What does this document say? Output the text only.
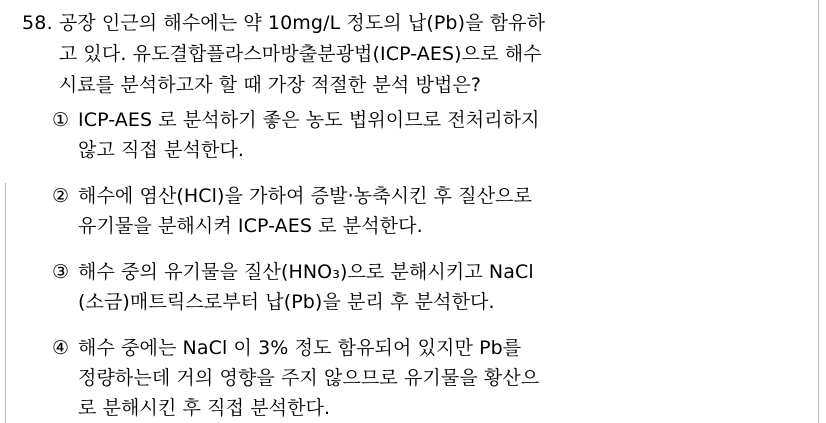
58. 공장 인근의 해수에는 약 10mg/L 정도의 납(Pb)을 함유하
고 있다. 유도결합플라스마방출분광법(ICP-AES)으로 해수
시료를 분석하고자 할 때 가장 적절한 분석 방법은?
① ICP-AES 로 분석하기 좋은 농도 법위이므로 전처리하지
않고 직접 분석한다.
② 해수에 염산(HCl)을 가하여 증발·농축시킨 후 질산으로
유기물을 분해시켜 ICP-AES 로 분석한다.
③ 해수 중의 유기물을 질산(HNO₃)으로 분해시키고 NaCl
(소금)매트릭스로부터 납(Pb)을 분리 후 분석한다.
④ 해수 중에는 NaCl 이 3% 정도 함유되어 있지만 Pb를
정량하는데 거의 영향을 주지 않으므로 유기물을 황산으
로 분해시킨 후 직접 분석한다.
